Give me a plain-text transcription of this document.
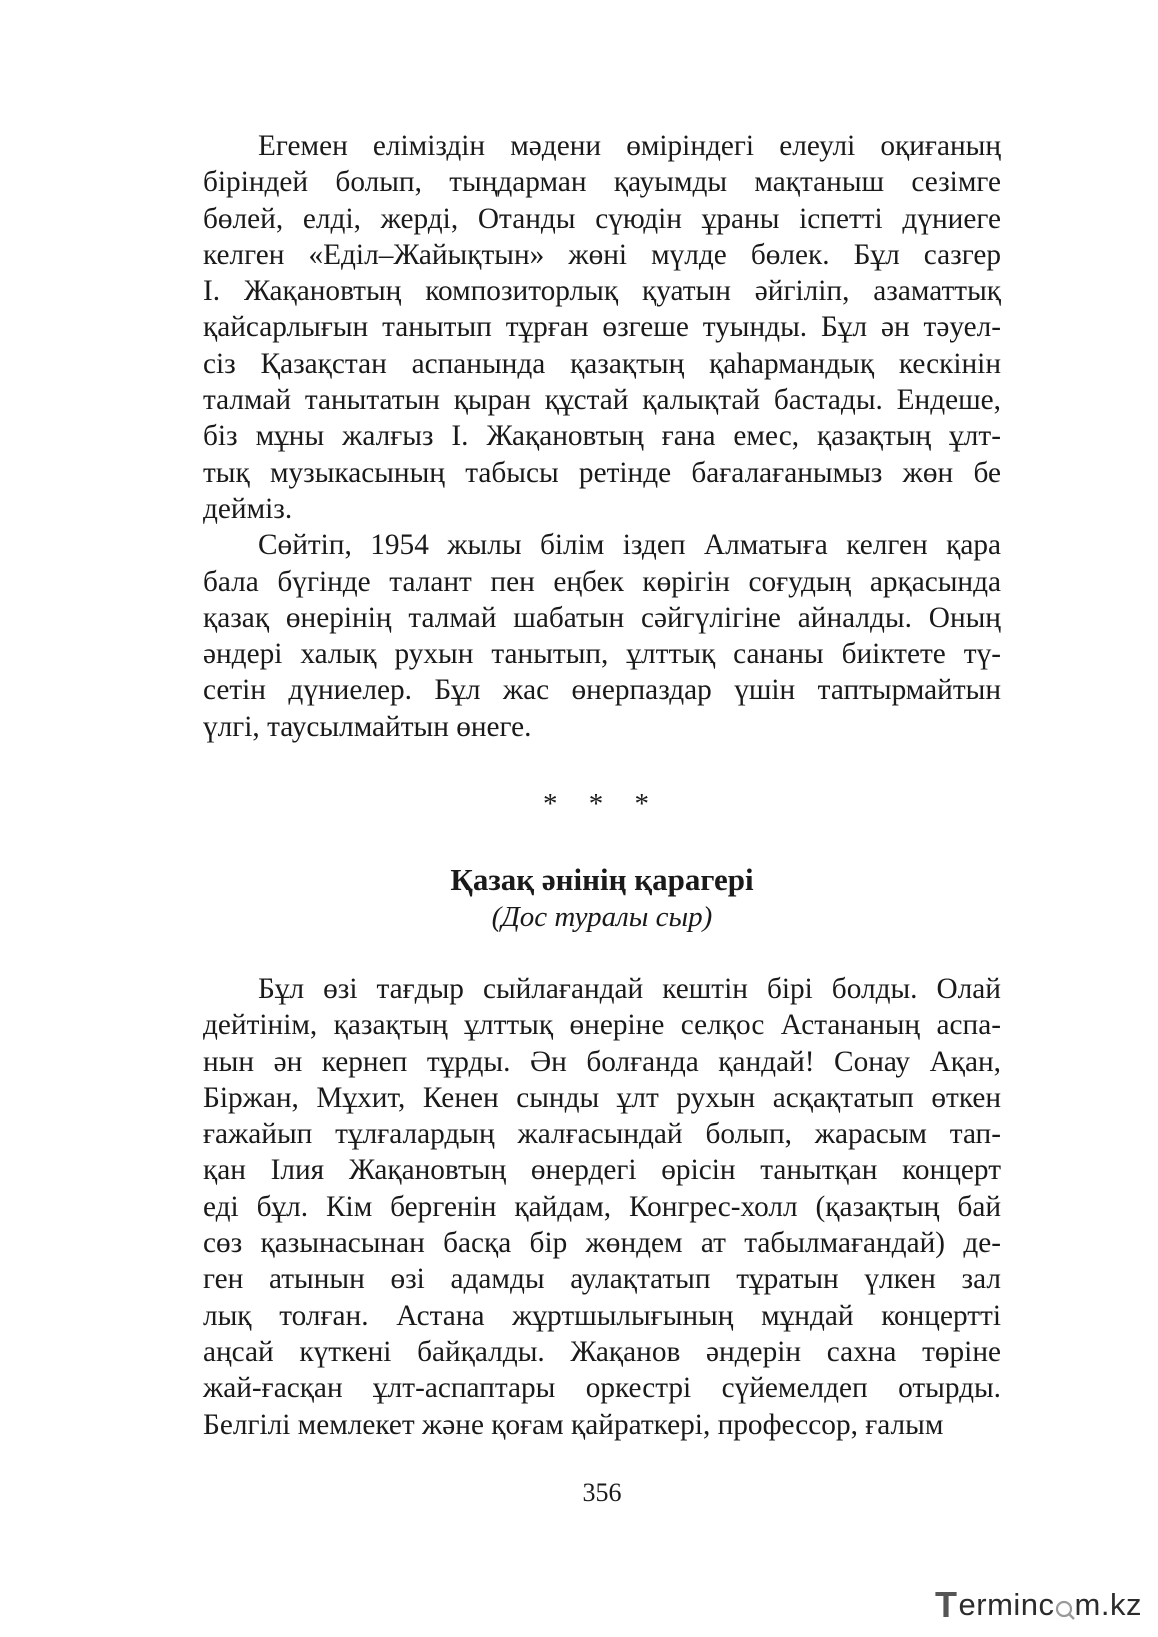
Егемен еліміздін мәдени өміріндегі елеулі оқиғаның
біріндей болып, тыңдарман қауымды мақтаныш сезімге
бөлей, елді, жерді, Отанды сүюдін ұраны іспетті дүниеге
келген «Еділ–Жайықтын» жөні мүлде бөлек. Бұл сазгер
І. Жақановтың композиторлық қуатын әйгіліп, азаматтық
қайсарлығын танытып тұрған өзгеше туынды. Бұл ән тәуел-
сіз Қазақстан аспанында қазақтың қаһармандық кескінін
талмай танытатын қыран құстай қалықтай бастады. Ендеше,
біз мұны жалғыз І. Жақановтың ғана емес, қазақтың ұлт-
тық музыкасының табысы ретінде бағалағанымыз жөн бе
дейміз.
Сөйтіп, 1954 жылы білім іздеп Алматыға келген қара
бала бүгінде талант пен еңбек көрігін соғудың арқасында
қазақ өнерінің талмай шабатын сәйгүлігіне айналды. Оның
әндері халық рухын танытып, ұлттық сананы биіктете тү-
сетін дүниелер. Бұл жас өнерпаздар үшін таптырмайтын
үлгі, таусылмайтын өнеге.
* * *
Қазақ әнінің қарагері
(Дос туралы сыр)
Бұл өзі тағдыр сыйлағандай кештін бірі болды. Олай
дейтінім, қазақтың ұлттық өнеріне селқос Астананың аспа-
нын ән кернеп тұрды. Ән болғанда қандай! Сонау Ақан,
Біржан, Мұхит, Кенен сынды ұлт рухын асқақтатып өткен
ғажайып тұлғалардың жалғасындай болып, жарасым тап-
қан Ілия Жақановтың өнердегі өрісін танытқан концерт
еді бұл. Кім бергенін қайдам, Конгрес-холл (қазақтың бай
сөз қазынасынан басқа бір жөндем ат табылмағандай) де-
ген атынын өзі адамды аулақтатып тұратын үлкен зал
лық толған. Астана жұртшылығының мұндай концертті
аңсай күткені байқалды. Жақанов әндерін сахна төріне
жай-ғасқан ұлт-аспаптары оркестрі сүйемелдеп отырды.
Белгілі мемлекет және қоғам қайраткері, профессор, ғалым
356
T erminc m.kz
